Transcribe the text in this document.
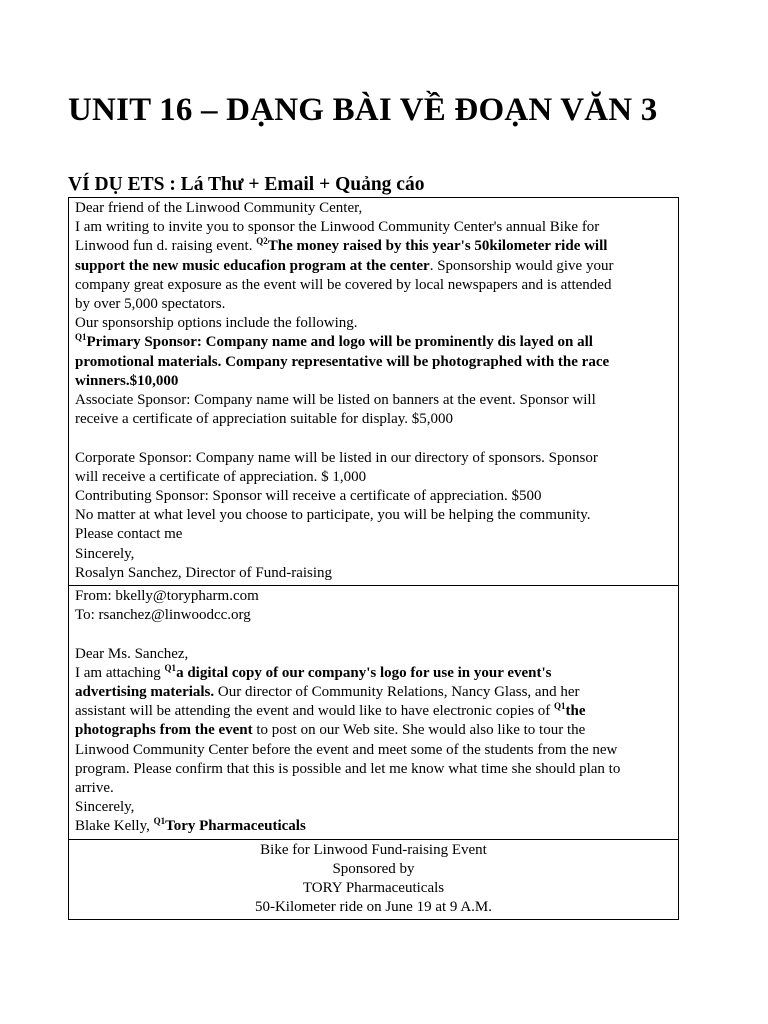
UNIT 16 – DẠNG BÀI VỀ ĐOẠN VĂN 3
VÍ DỤ ETS : Lá Thư + Email + Quảng cáo
Dear friend of the Linwood Community Center,
I am writing to invite you to sponsor the Linwood Community Center's annual Bike for
Linwood fun d. raising event. $^{Q2}$The money raised by this year's 50kilometer ride will
support the new music educafion program at the center. Sponsorship would give your
company great exposure as the event will be covered by local newspapers and is attended
by over 5,000 spectators.
Our sponsorship options include the following.
$^{Q1}$Primary Sponsor: Company name and logo will be prominently dis layed on all
promotional materials. Company representative will be photographed with the race
winners.$10,000
Associate Sponsor: Company name will be listed on banners at the event. Sponsor will
receive a certificate of appreciation suitable for display. $5,000
Corporate Sponsor: Company name will be listed in our directory of sponsors. Sponsor
will receive a certificate of appreciation. $ 1,000
Contributing Sponsor: Sponsor will receive a certificate of appreciation. $500
No matter at what level you choose to participate, you will be helping the community.
Please contact me
Sincerely,
Rosalyn Sanchez, Director of Fund-raising
From: bkelly@torypharm.com
To: rsanchez@linwoodcc.org
Dear Ms. Sanchez,
I am attaching $^{Q1}$a digital copy of our company's logo for use in your event's
advertising materials. Our director of Community Relations, Nancy Glass, and her
assistant will be attending the event and would like to have electronic copies of $^{Q1}$the
photographs from the event to post on our Web site. She would also like to tour the
Linwood Community Center before the event and meet some of the students from the new
program. Please confirm that this is possible and let me know what time she should plan to
arrive.
Sincerely,
Blake Kelly, $^{Q1}$Tory Pharmaceuticals
Bike for Linwood Fund-raising Event
Sponsored by
TORY Pharmaceuticals
50-Kilometer ride on June 19 at 9 A.M.
